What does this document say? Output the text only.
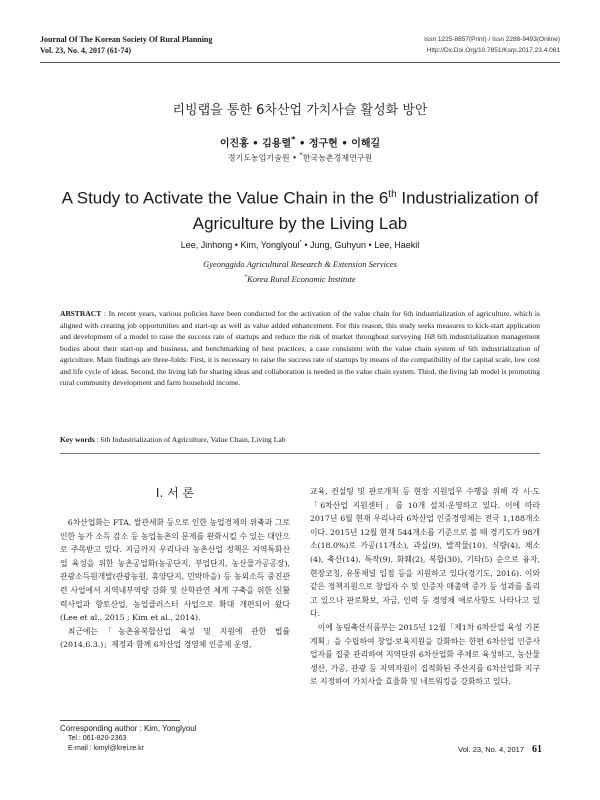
Journal Of The Korean Society Of Rural Planning
Vol. 23, No. 4, 2017 (61-74)
Issn 1225-8857(Print) / Issn 2288-9493(Online)
Http://Dx.Doi.Org/10.7851/Ksrp.2017.23.4.061
리빙랩을 통한 6차산업 가치사슬 활성화 방안
이진홍 • 김용렬* • 정구현 • 이해길
경기도농업기술원 • *한국농촌경제연구원
A Study to Activate the Value Chain in the 6th Industrialization of
Agriculture by the Living Lab
Lee, Jinhong • Kim, Yonglyoul* • Jung, Guhyun • Lee, Haekil
Gyeonggido Agricultural Research & Extension Services
*Korea Rural Economic Institute
ABSTRACT : In recent years, various policies have been conducted for the activation of the value chain for 6th industrialization of agriculture, which is aligned with creating job opportunities and start-up as well as value added enhancement. For this reason, this study seeks measures to kick-start application and development of a model to raise the success rate of startups and reduce the risk of market throughout surveying 168 6th industrialization management bodies about their start-up and business, and benchmarking of best practices, a case consistent with the value chain system of 6th industrialization of agriculture. Main findings are three-folds: First, it is necessary to raise the success rate of startups by means of the compatibility of the capital scale, low cost and life cycle of ideas. Second, the living lab for sharing ideas and collaboration is needed in the value chain system. Third, the living lab model is promoting rural community development and farm household income.
Key words : 6th Industrialization of Agriculture, Value Chain, Living Lab
I. 서 론

6차산업화는 FTA, 쌀관세화 등으로 인한 농업경제의 위축과 그로 인한 농가 소득 감소 등 농업농촌의 문제를 완화시킬 수 있는 대안으로 주목받고 있다. 지금까지 우리나라 농촌산업 정책은 지역특화산업 육성을 위한 농촌공업화(농공단지, 부업단지, 농산물가공공장), 관광소득원개발(관광농원, 휴양단지, 민박마을) 등 농외소득 중진관련 사업에서 지역내부역량 강화 및 산학관연 체계 구축을 위한 신활력사업과 향토산업, 농업클러스터 사업으로 확대 개편되어 왔다(Lee et al., 2015 ; Kim et al., 2014).

최근에는「농촌융복합산업 육성 및 지원에 관한 법률(2014.6.3.)」제정과 함께 6차산업 경영체 인증제 운영,

교육, 컨설팅 및 판로개척 등 현장 지원업무 수행을 위해 각 시·도「6차산업 지원센터」를 10개 설치·운영하고 있다. 이에 따라 2017년 6월 현재 우리나라 6차산업 인증경영체는 전국 1,188개소이다. 2015년 12월 현재 544개소를 기준으로 볼 때 경기도가 98개소(18.0%)로 가공(11개소), 과실(9), 발작물(10), 식량(4), 채소(4), 축산(14), 특작(9), 화훼(2), 복합(30), 기타(5) 순으로 융자, 현장코칭, 유통채널 입점 등을 지원하고 있다(경기도, 2016). 이와 같은 정책지원으로 창업자 수 및 인증자 매출액 증가 등 성과를 올리고 있으나 판로확보, 자금, 인력 등 경영체 애로사항도 나타나고 있다.

이에 농림축산식품부는 2015년 12월「제1차 6차산업 육성 기본계획」을 수립하여 창업·보육지원을 강화하는 한편 6차산업 인증사업자를 집중 관리하여 지역단위 6차산업화 주체로 육성하고, 농산물 생산, 가공, 관광 등 지역자원이 집적화된 주산지를 6차산업화 지구로 지정하여 가치사슬 효율화 및 네트워킹을 강화하고 있다.

Corresponding author : Kim, Yonglyoul
Tel : 061-820-2363
E-mail : kimyl@krei.re.kr	Vol. 23, No. 4, 2017 61
